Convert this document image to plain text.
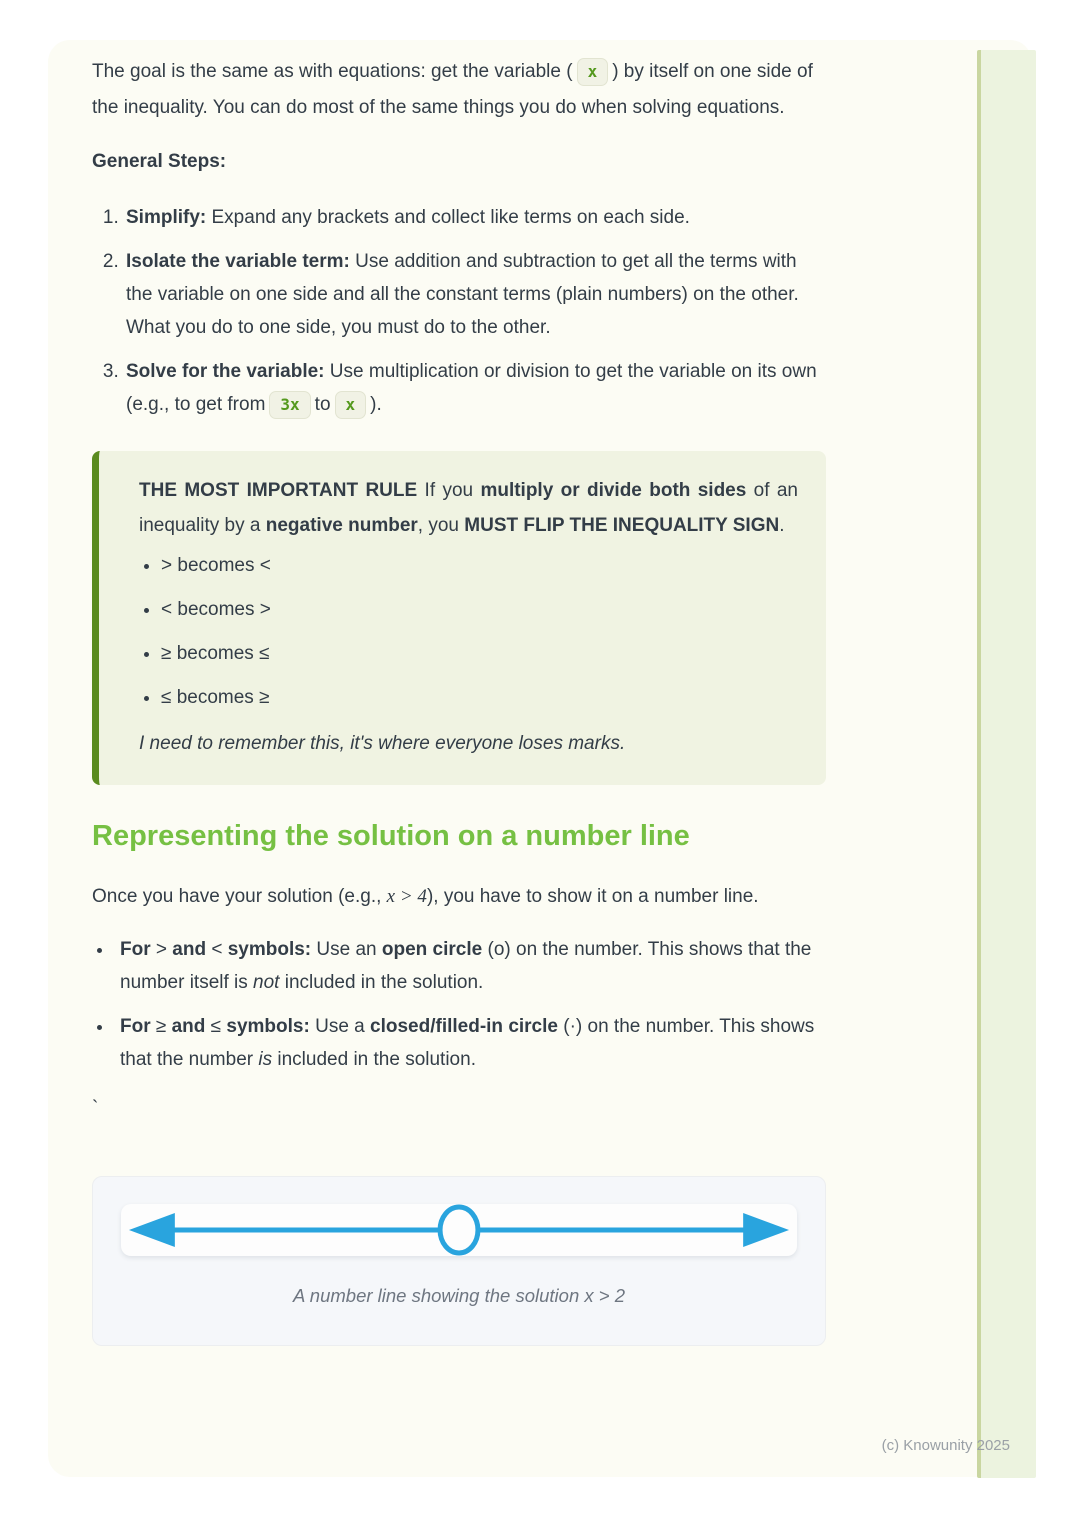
The goal is the same as with equations: get the variable ( x ) by itself on one side of the inequality. You can do most of the same things you do when solving equations.

General Steps:

1. Simplify: Expand any brackets and collect like terms on each side.
2. Isolate the variable term: Use addition and subtraction to get all the terms with the variable on one side and all the constant terms (plain numbers) on the other. What you do to one side, you must do to the other.
3. Solve for the variable: Use multiplication or division to get the variable on its own (e.g., to get from 3x to x ).

THE MOST IMPORTANT RULE If you multiply or divide both sides of an inequality by a negative number, you MUST FLIP THE INEQUALITY SIGN.

• > becomes <
• < becomes >
• ≥ becomes ≤
• ≤ becomes ≥

I need to remember this, it's where everyone loses marks.

Representing the solution on a number line

Once you have your solution (e.g., x > 4), you have to show it on a number line.

• For > and < symbols: Use an open circle (o) on the number. This shows that the number itself is not included in the solution.
• For ≥ and ≤ symbols: Use a closed/filled-in circle (·) on the number. This shows that the number is included in the solution.

`

A number line showing the solution x > 2

(c) Knowunity 2025
